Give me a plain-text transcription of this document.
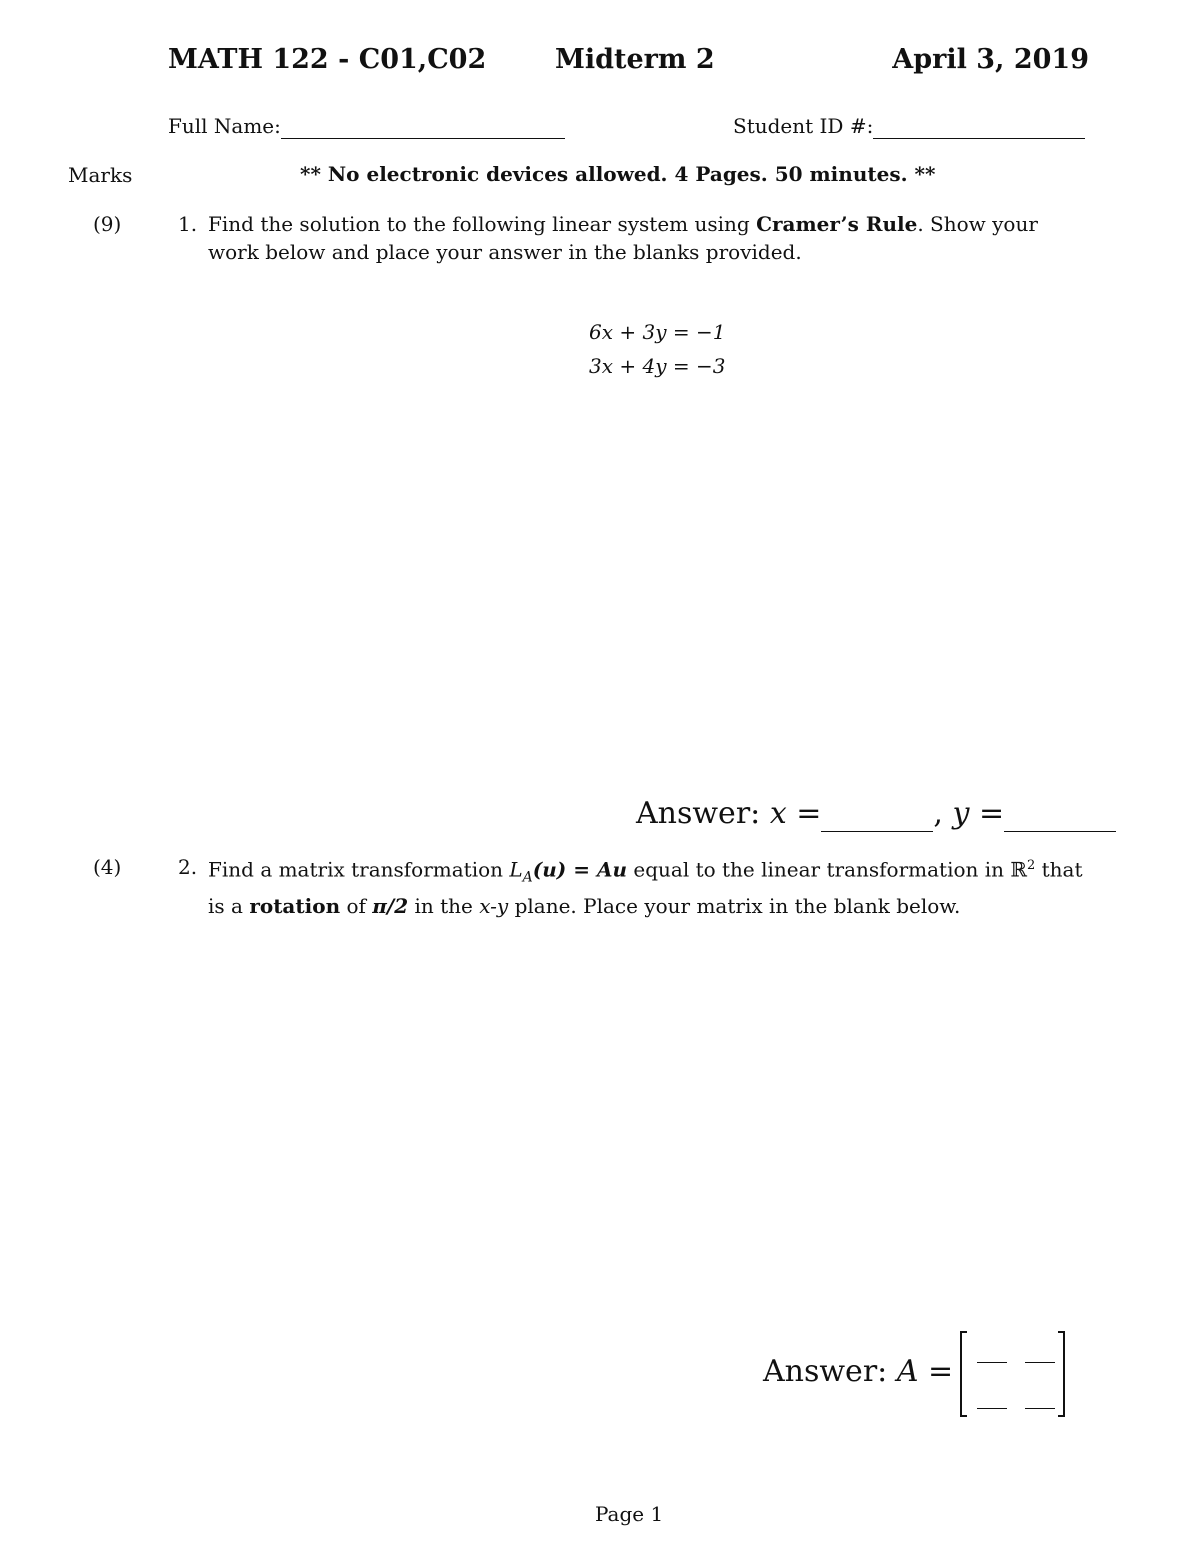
MATH 122 - C01,C02	Midterm 2	April 3, 2019
Full Name:	Student ID #:
Marks	** No electronic devices allowed. 4 Pages. 50 minutes. **
(9)	1. Find the solution to the following linear system using Cramer’s Rule. Show your work below and place your answer in the blanks provided.
6x + 3y = −1
3x + 4y = −3
Answer: x =	, y =
(4)	2. Find a matrix transformation $L_A(u) = Au$ equal to the linear transformation in ℝ$^2$ that is a rotation of π/2 in the x-y plane. Place your matrix in the blank below.
Answer: A =
Page 1
